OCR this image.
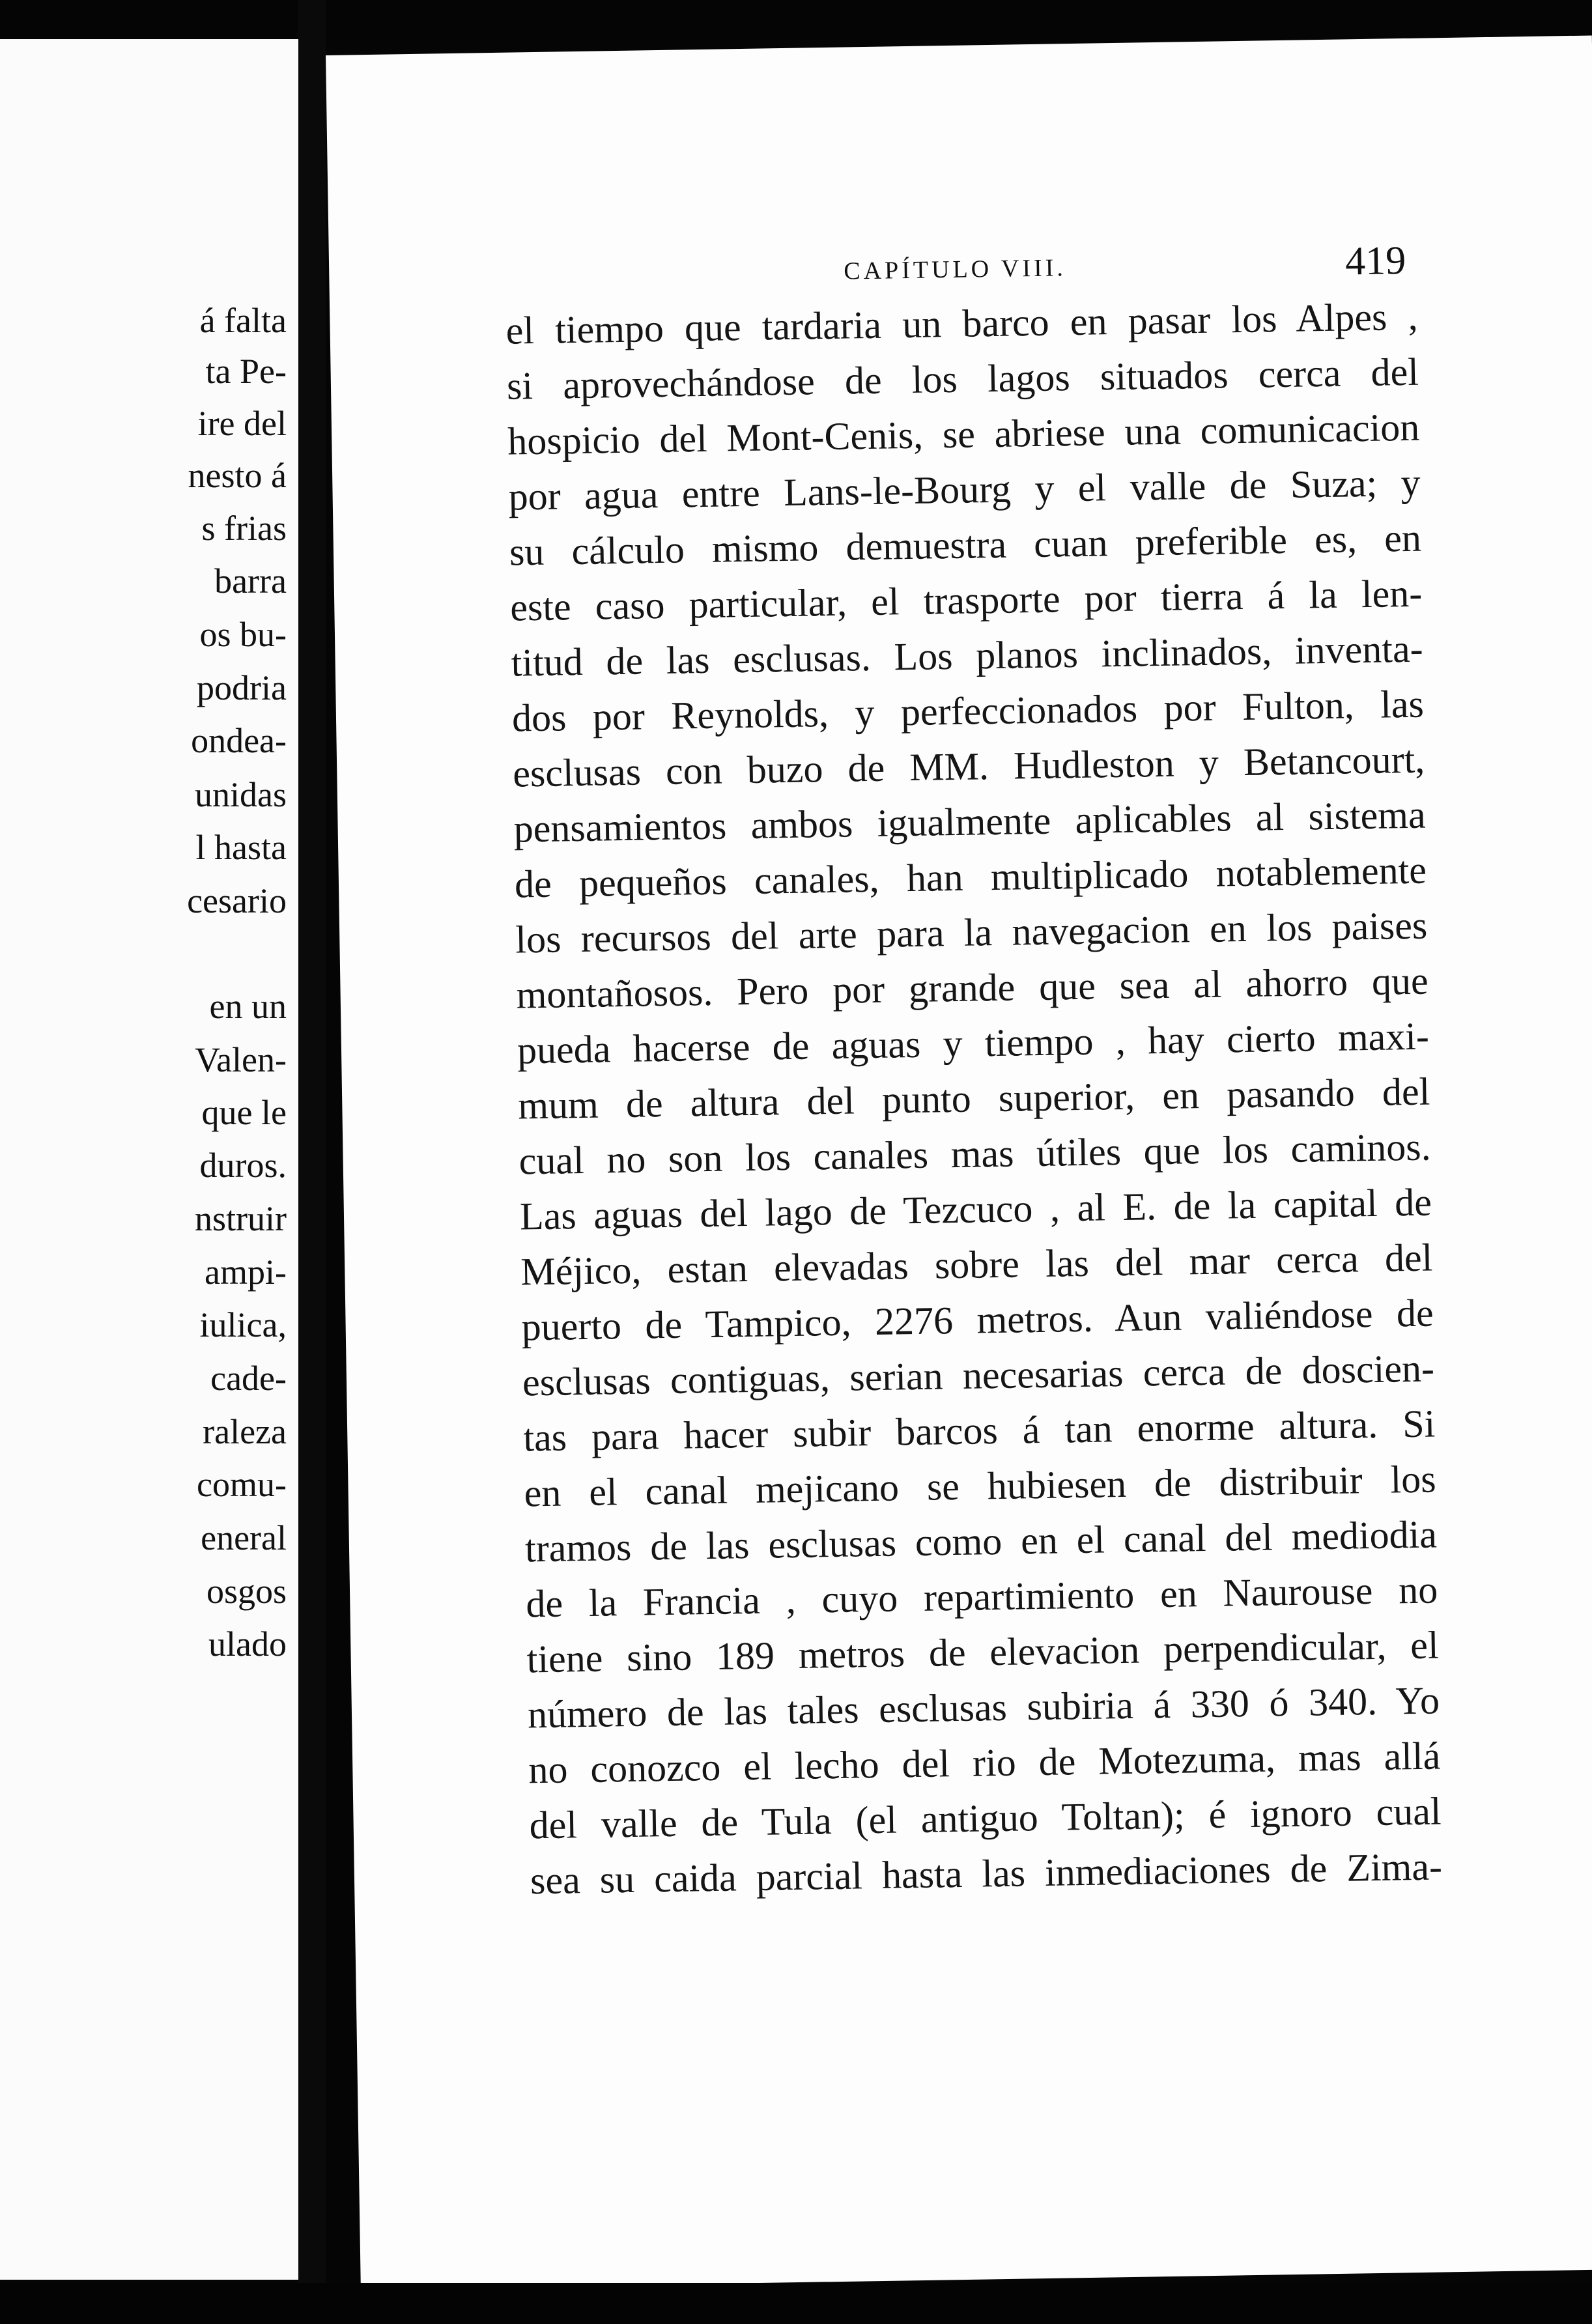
á falta
ta Pe-
ire del
nesto á
s frias
barra
os bu-
podria
ondea-
unidas
l hasta
cesario
en un
Valen-
que le
duros.
nstruir
ampi-
iulica,
cade-
raleza
comu-
eneral
osgos
ulado
CAPÍTULO VIII.	419
el tiempo que tardaria un barco en pasar los Alpes ,
si aprovechándose de los lagos situados cerca del
hospicio del Mont-Cenis, se abriese una comunicacion
por agua entre Lans-le-Bourg y el valle de Suza; y
su cálculo mismo demuestra cuan preferible es, en
este caso particular, el trasporte por tierra á la len-
titud de las esclusas. Los planos inclinados, inventa-
dos por Reynolds, y perfeccionados por Fulton, las
esclusas con buzo de MM. Hudleston y Betancourt,
pensamientos ambos igualmente aplicables al sistema
de pequeños canales, han multiplicado notablemente
los recursos del arte para la navegacion en los paises
montañosos. Pero por grande que sea al ahorro que
pueda hacerse de aguas y tiempo , hay cierto maxi-
mum de altura del punto superior, en pasando del
cual no son los canales mas útiles que los caminos.
Las aguas del lago de Tezcuco , al E. de la capital de
Méjico, estan elevadas sobre las del mar cerca del
puerto de Tampico, 2276 metros. Aun valiéndose de
esclusas contiguas, serian necesarias cerca de doscien-
tas para hacer subir barcos á tan enorme altura. Si
en el canal mejicano se hubiesen de distribuir los
tramos de las esclusas como en el canal del mediodia
de la Francia , cuyo repartimiento en Naurouse no
tiene sino 189 metros de elevacion perpendicular, el
número de las tales esclusas subiria á 330 ó 340. Yo
no conozco el lecho del rio de Motezuma, mas allá
del valle de Tula (el antiguo Toltan); é ignoro cual
sea su caida parcial hasta las inmediaciones de Zima-
